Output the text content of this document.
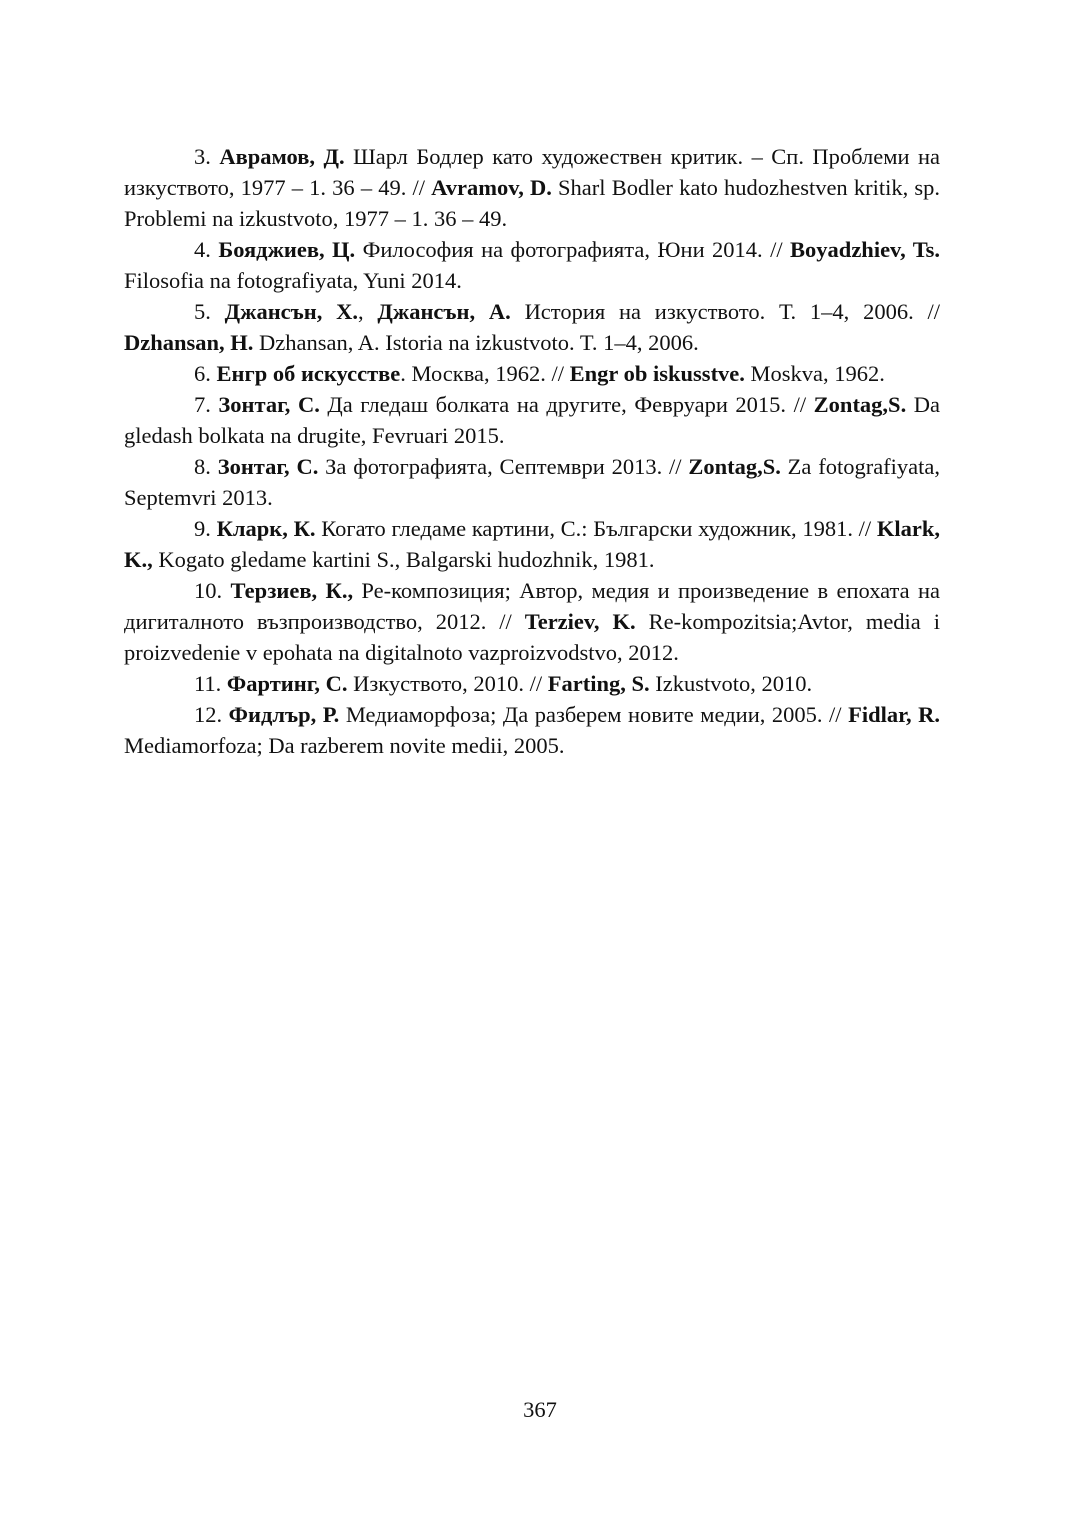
3. Аврамов, Д. Шарл Бодлер като художествен критик. – Сп. Проблеми на изкуството, 1977 – 1. 36 – 49. // Avramov, D. Sharl Bodler kato hudozhestven kritik, sp. Problemi na izkustvoto, 1977 – 1. 36 – 49.

4. Бояджиев, Ц. Философия на фотографията, Юни 2014. // Boyadzhiev, Ts. Filosofia na fotografiyata, Yuni 2014.

5. Джансън, Х., Джансън, А. История на изкуството. Т. 1–4, 2006. // Dzhansan, H. Dzhansan, A. Istoria na izkustvoto. T. 1–4, 2006.

6. Енгр об искусстве. Москва, 1962. // Engr ob iskusstve. Moskva, 1962.

7. Зонтаг, С. Да гледаш болката на другите, Февруари 2015. // Zontag,S. Da gledash bolkata na drugite, Fevruari 2015.

8. Зонтаг, С. За фотографията, Септември 2013. // Zontag,S. Za fotografiyata, Septemvri 2013.

9. Кларк, К. Когато гледаме картини, С.: Български художник, 1981. // Klark, K., Kogato gledame kartini S., Balgarski hudozhnik, 1981.

10. Терзиев, К., Ре-композиция; Автор, медия и произведение в епохата на дигиталното възпроизводство, 2012. // Terziev, K. Re-kompozitsia;Avtor, media i proizvedenie v epohata na digitalnoto vazproizvodstvo, 2012.

11. Фартинг, С. Изкуството, 2010. // Farting, S. Izkustvoto, 2010.

12. Фидлър, Р. Медиаморфоза; Да разберем новите медии, 2005. // Fidlar, R. Mediamorfoza; Da razberem novite medii, 2005.

367
